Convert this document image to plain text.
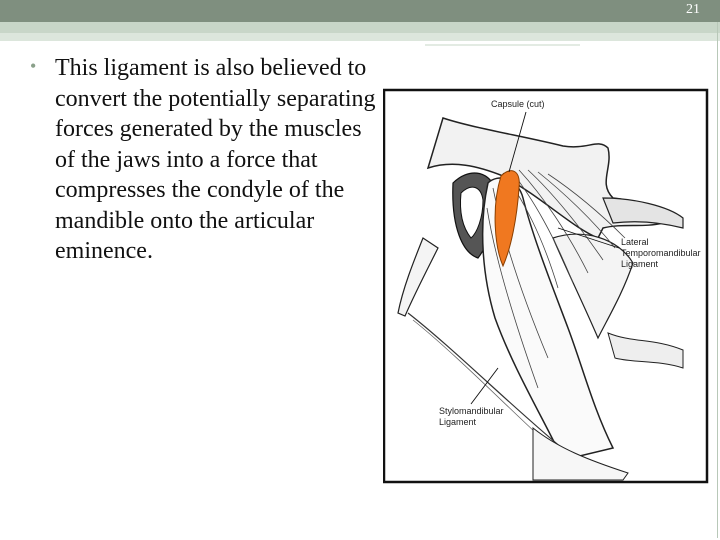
21
• This ligament is also believed to convert the potentially separating forces generated by the muscles of the jaws into a force that compresses the condyle of the mandible onto the articular eminence.

Capsule (cut)
Lateral
Temporomandibular
Ligament
Stylomandibular
Ligament
